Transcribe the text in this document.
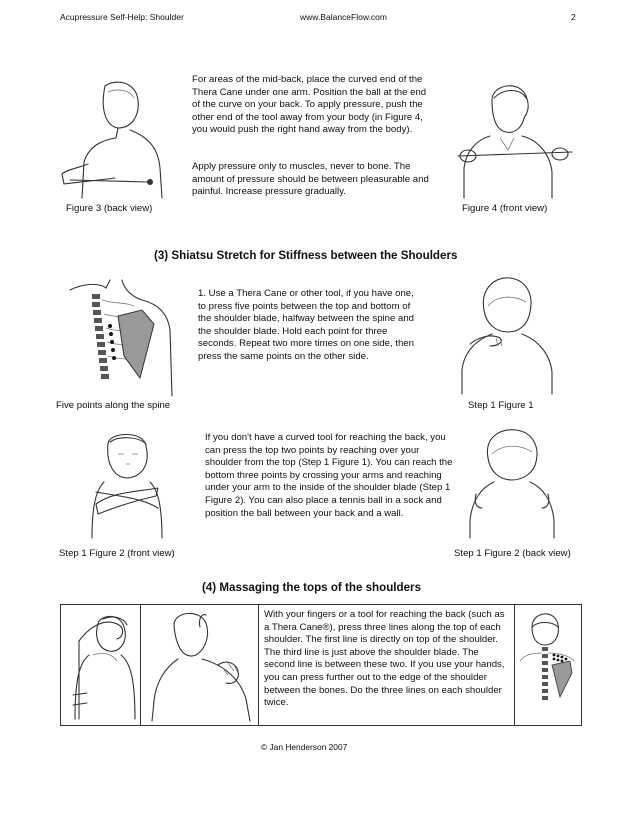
Acupressure Self-Help: Shoulder	www.BalanceFlow.com	2
For areas of the mid-back, place the curved end of the Thera Cane under one arm. Position the ball at the end of the curve on your back. To apply pressure, push the other end of the tool away from your body (in Figure 4, you would push the right hand away from the body).
Apply pressure only to muscles, never to bone. The amount of pressure should be between pleasurable and painful. Increase pressure gradually.
Figure 3 (back view)	Figure 4 (front view)
(3) Shiatsu Stretch for Stiffness between the Shoulders
1. Use a Thera Cane or other tool, if you have one, to press five points between the top and bottom of the shoulder blade, halfway between the spine and the shoulder blade. Hold each point for three seconds. Repeat two more times on one side, then press the same points on the other side.
Five points along the spine	Step 1 Figure 1
If you don't have a curved tool for reaching the back, you can press the top two points by reaching over your shoulder from the top (Step 1 Figure 1). You can reach the bottom three points by crossing your arms and reaching under your arm to the inside of the shoulder blade (Step 1 Figure 2). You can also place a tennis ball in a sock and position the ball between your back and a wall.
Step 1 Figure 2 (front view)	Step 1 Figure 2 (back view)
(4) Massaging the tops of the shoulders
With your fingers or a tool for reaching the back (such as a Thera Cane®), press three lines along the top of each shoulder. The first line is directly on top of the shoulder. The third line is just above the shoulder blade. The second line is between these two. If you use your hands, you can press further out to the edge of the shoulder between the bones. Do the three lines on each shoulder twice.
© Jan Henderson 2007
